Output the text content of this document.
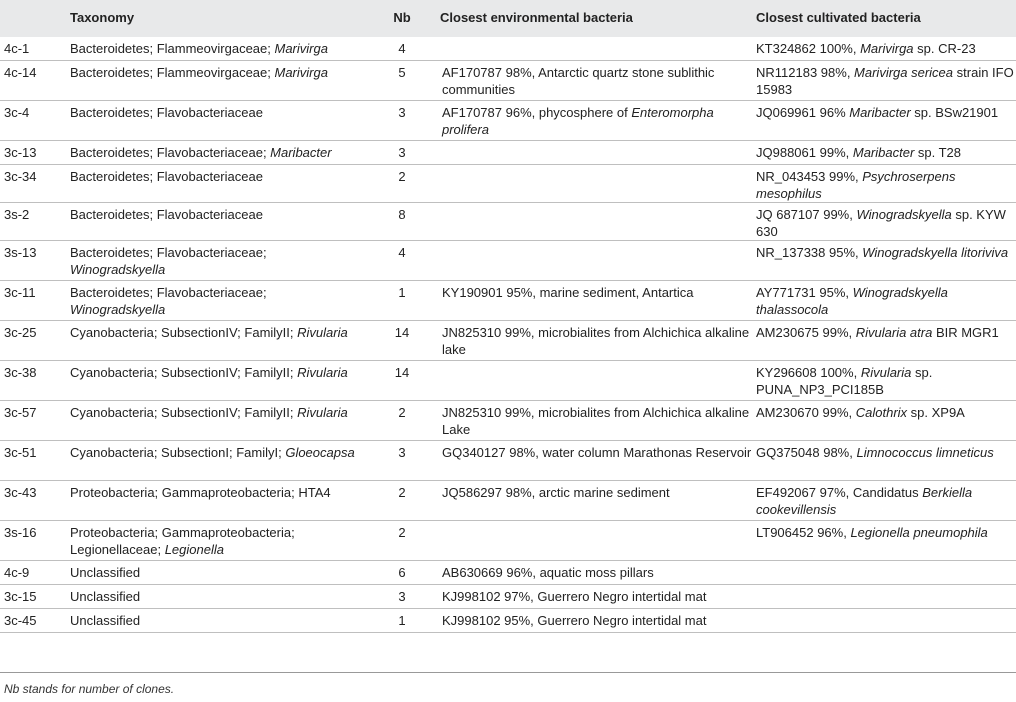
	Taxonomy	Nb	Closest environmental bacteria	Closest cultivated bacteria
4c-1	Bacteroidetes; Flammeovirgaceae; Marivirga	4		KT324862 100%, Marivirga sp. CR-23
4c-14	Bacteroidetes; Flammeovirgaceae; Marivirga	5	AF170787 98%, Antarctic quartz stone sublithic communities	NR112183 98%, Marivirga sericea strain IFO 15983
3c-4	Bacteroidetes; Flavobacteriaceae	3	AF170787 96%, phycosphere of Enteromorpha prolifera	JQ069961 96% Maribacter sp. BSw21901
3c-13	Bacteroidetes; Flavobacteriaceae; Maribacter	3		JQ988061 99%, Maribacter sp. T28
3c-34	Bacteroidetes; Flavobacteriaceae	2		NR_043453 99%, Psychroserpens mesophilus
3s-2	Bacteroidetes; Flavobacteriaceae	8		JQ 687107 99%, Winogradskyella sp. KYW 630
3s-13	Bacteroidetes; Flavobacteriaceae; Winogradskyella	4		NR_137338 95%, Winogradskyella litoriviva
3c-11	Bacteroidetes; Flavobacteriaceae; Winogradskyella	1	KY190901 95%, marine sediment, Antartica	AY771731 95%, Winogradskyella thalassocola
3c-25	Cyanobacteria; SubsectionIV; FamilyII; Rivularia	14	JN825310 99%, microbialites from Alchichica alkaline lake	AM230675 99%, Rivularia atra BIR MGR1
3c-38	Cyanobacteria; SubsectionIV; FamilyII; Rivularia	14		KY296608 100%, Rivularia sp. PUNA_NP3_PCI185B
3c-57	Cyanobacteria; SubsectionIV; FamilyII; Rivularia	2	JN825310 99%, microbialites from Alchichica alkaline Lake	AM230670 99%, Calothrix sp. XP9A
3c-51	Cyanobacteria; SubsectionI; FamilyI; Gloeocapsa	3	GQ340127 98%, water column Marathonas Reservoir	GQ375048 98%, Limnococcus limneticus
3c-43	Proteobacteria; Gammaproteobacteria; HTA4	2	JQ586297 98%, arctic marine sediment	EF492067 97%, Candidatus Berkiella cookevillensis
3s-16	Proteobacteria; Gammaproteobacteria; Legionellaceae; Legionella	2		LT906452 96%, Legionella pneumophila
4c-9	Unclassified	6	AB630669 96%, aquatic moss pillars	
3c-15	Unclassified	3	KJ998102 97%, Guerrero Negro intertidal mat	
3c-45	Unclassified	1	KJ998102 95%, Guerrero Negro intertidal mat	
Nb stands for number of clones.
